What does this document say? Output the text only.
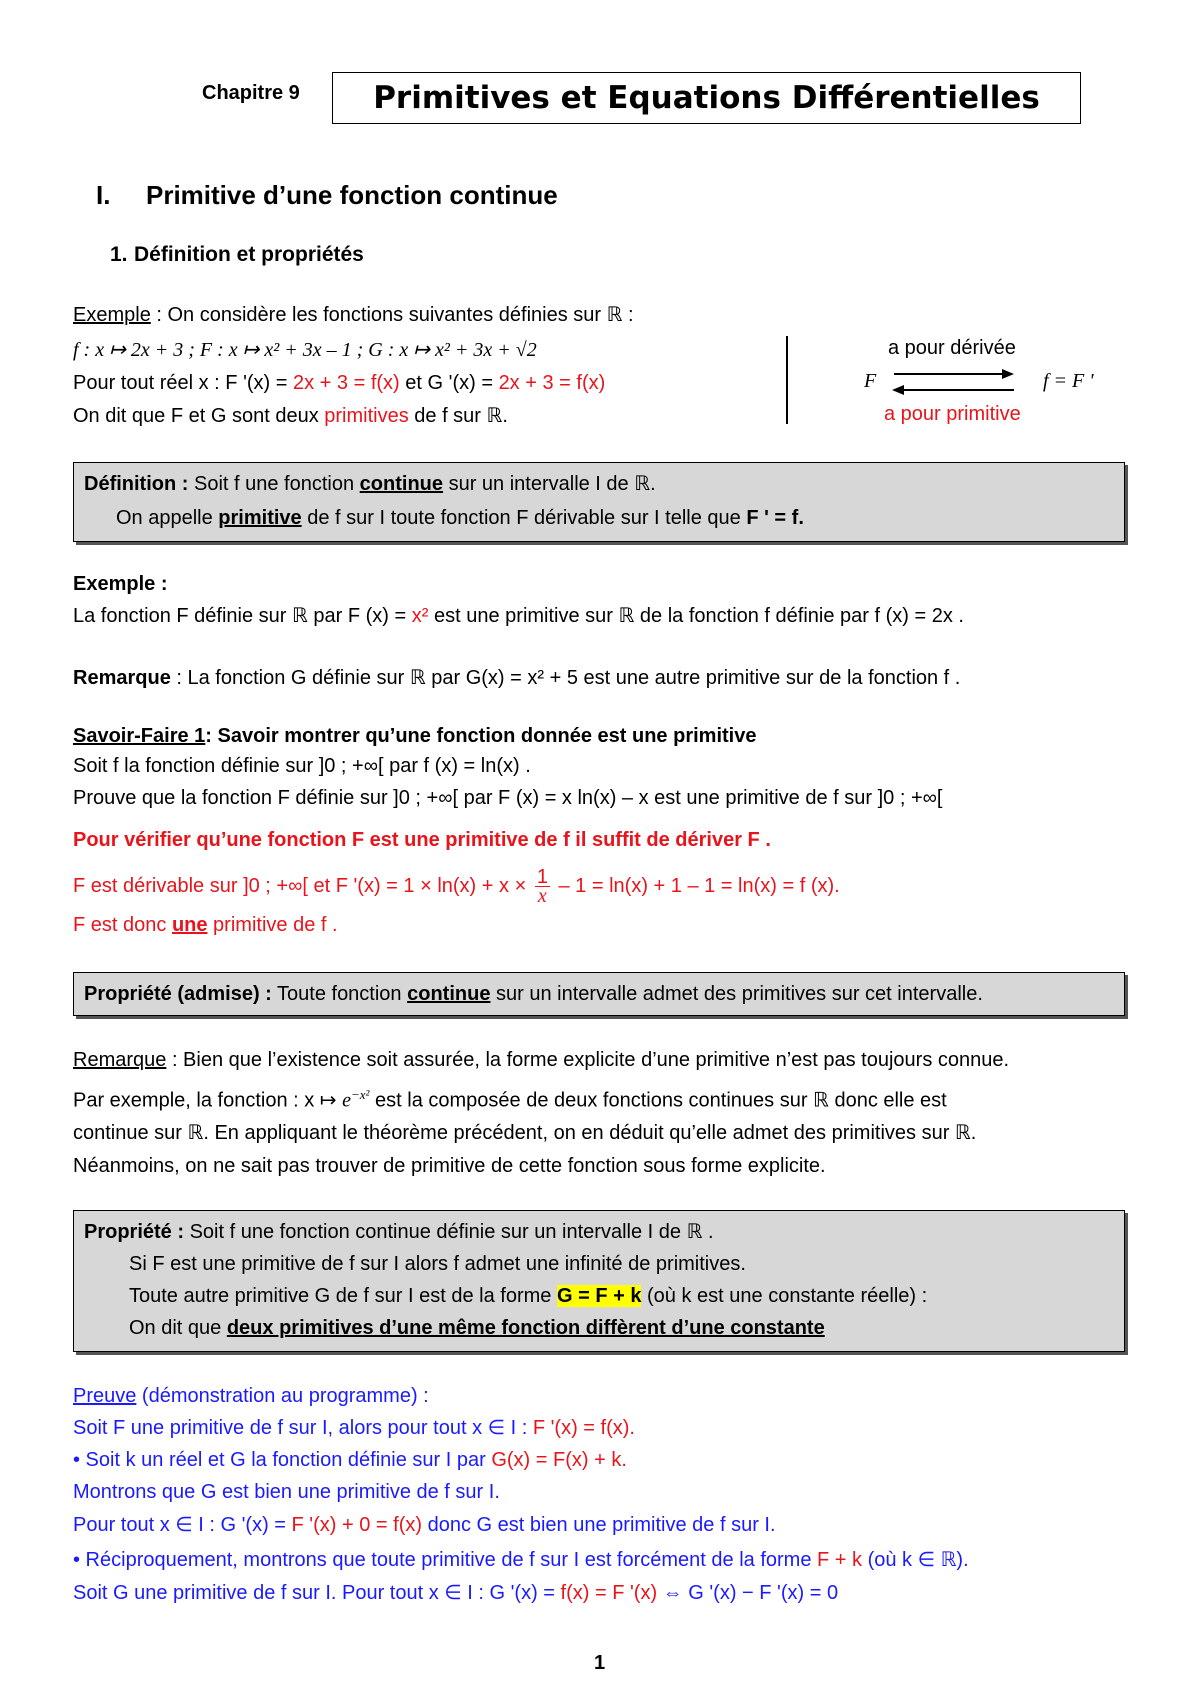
Chapitre 9	Primitives et Equations Différentielles
I. Primitive d’une fonction continue
1. Définition et propriétés
Exemple : On considère les fonctions suivantes définies sur ℝ :
f : x ↦ 2x + 3 ; F : x ↦ x² + 3x – 1 ; G : x ↦ x² + 3x + √2
Pour tout réel x : F '(x) = 2x + 3 = f(x) et G '(x) = 2x + 3 = f(x)
On dit que F et G sont deux primitives de f sur ℝ.
a pour dérivée
F	f = F '
a pour primitive
Définition : Soit f une fonction continue sur un intervalle I de ℝ.
On appelle primitive de f sur I toute fonction F dérivable sur I telle que F ' = f.
Exemple :
La fonction F définie sur ℝ par F (x) = x² est une primitive sur ℝ de la fonction f définie par f (x) = 2x .
Remarque : La fonction G définie sur ℝ par G(x) = x² + 5 est une autre primitive sur de la fonction f .
Savoir-Faire 1: Savoir montrer qu’une fonction donnée est une primitive
Soit f la fonction définie sur ]0 ; +∞[ par f (x) = ln(x) .
Prouve que la fonction F définie sur ]0 ; +∞[ par F (x) = x ln(x) – x est une primitive de f sur ]0 ; +∞[
Pour vérifier qu’une fonction F est une primitive de f il suffit de dériver F .
F est dérivable sur ]0 ; +∞[ et F '$(x) = 1 \times \ln(x) + x \times \frac{1}{x} - 1 = \ln(x) + 1 - 1 = \ln(x) = f$ (x).
F est donc une primitive de f .
Propriété (admise) : Toute fonction continue sur un intervalle admet des primitives sur cet intervalle.
Remarque : Bien que l’existence soit assurée, la forme explicite d’une primitive n’est pas toujours connue.
Par exemple, la fonction : x ↦ $e^{-x^2}$ est la composée de deux fonctions continues sur ℝ donc elle est
continue sur ℝ. En appliquant le théorème précédent, on en déduit qu’elle admet des primitives sur ℝ.
Néanmoins, on ne sait pas trouver de primitive de cette fonction sous forme explicite.
Propriété : Soit f une fonction continue définie sur un intervalle I de ℝ .
Si F est une primitive de f sur I alors f admet une infinité de primitives.
Toute autre primitive G de f sur I est de la forme G = F + k (où k est une constante réelle) :
On dit que deux primitives d’une même fonction diffèrent d’une constante
Preuve (démonstration au programme) :
Soit F une primitive de f sur I, alors pour tout x ∈ I : F '(x) = f(x).
• Soit k un réel et G la fonction définie sur I par G(x) = F(x) + k.
Montrons que G est bien une primitive de f sur I.
Pour tout x ∈ I : G '(x) = F '(x) + 0 = f(x) donc G est bien une primitive de f sur I.
• Réciproquement, montrons que toute primitive de f sur I est forcément de la forme F + k (où k ∈ ℝ).
Soit G une primitive de f sur I. Pour tout x ∈ I : G '(x) = f(x) = F '(x) ⇔ G '(x) − F '(x) = 0
1
